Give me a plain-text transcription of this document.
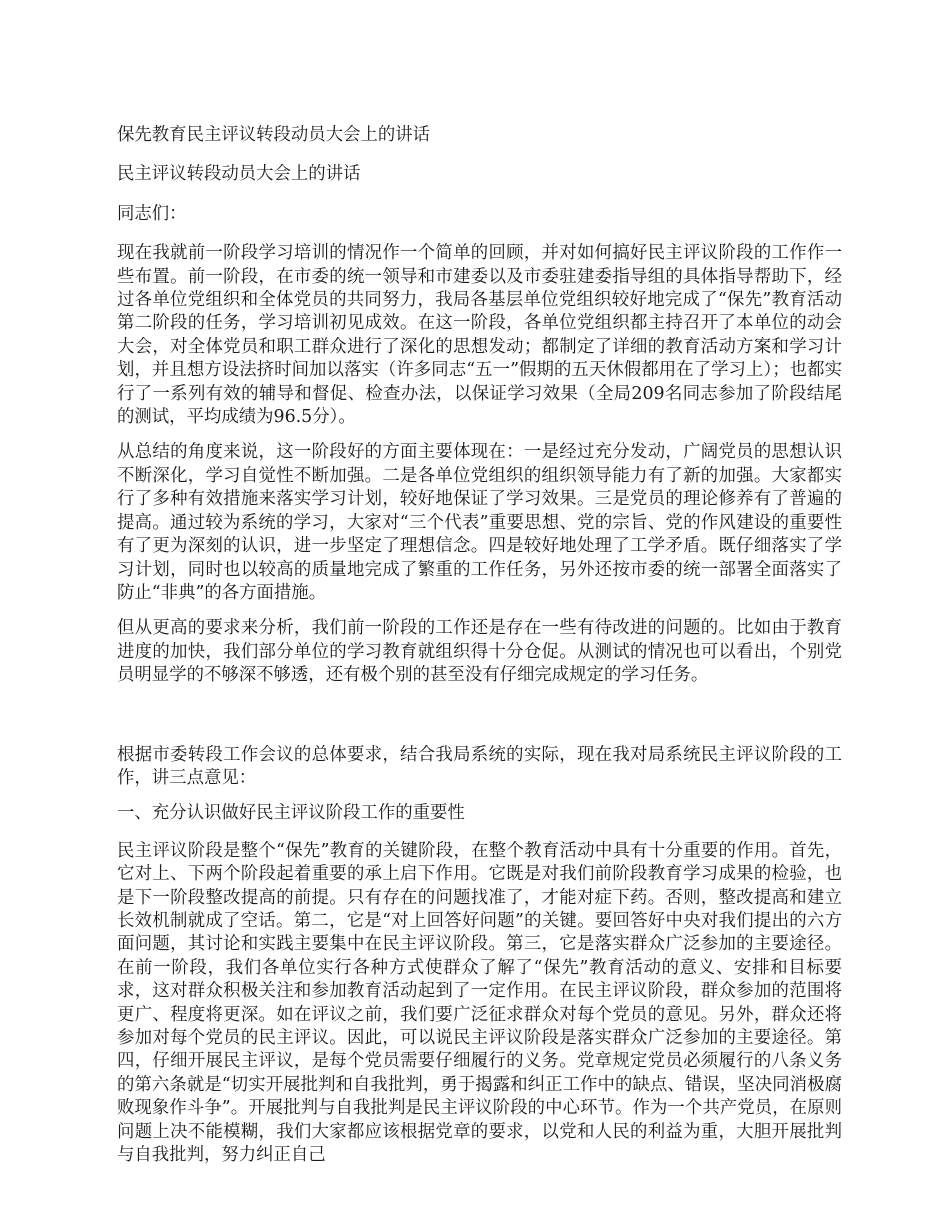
保先教育民主评议转段动员大会上的讲话

民主评议转段动员大会上的讲话

同志们：

现在我就前一阶段学习培训的情况作一个简单的回顾，并对如何搞好民主评议阶段的工作作一些布置。前一阶段，在市委的统一领导和市建委以及市委驻建委指导组的具体指导帮助下，经过各单位党组织和全体党员的共同努力，我局各基层单位党组织较好地完成了“保先”教育活动第二阶段的任务，学习培训初见成效。在这一阶段，各单位党组织都主持召开了本单位的动会大会，对全体党员和职工群众进行了深化的思想发动；都制定了详细的教育活动方案和学习计划，并且想方设法挤时间加以落实（许多同志“五一”假期的五天休假都用在了学习上）；也都实行了一系列有效的辅导和督促、检查办法，以保证学习效果（全局209名同志参加了阶段结尾的测试，平均成绩为96.5分）。

从总结的角度来说，这一阶段好的方面主要体现在：一是经过充分发动，广阔党员的思想认识不断深化，学习自觉性不断加强。二是各单位党组织的组织领导能力有了新的加强。大家都实行了多种有效措施来落实学习计划，较好地保证了学习效果。三是党员的理论修养有了普遍的提高。通过较为系统的学习，大家对“三个代表”重要思想、党的宗旨、党的作风建设的重要性有了更为深刻的认识，进一步坚定了理想信念。四是较好地处理了工学矛盾。既仔细落实了学习计划，同时也以较高的质量地完成了繁重的工作任务，另外还按市委的统一部署全面落实了防止“非典”的各方面措施。

但从更高的要求来分析，我们前一阶段的工作还是存在一些有待改进的问题的。比如由于教育进度的加快，我们部分单位的学习教育就组织得十分仓促。从测试的情况也可以看出，个别党员明显学的不够深不够透，还有极个别的甚至没有仔细完成规定的学习任务。

根据市委转段工作会议的总体要求，结合我局系统的实际，现在我对局系统民主评议阶段的工作，讲三点意见：

一、充分认识做好民主评议阶段工作的重要性

民主评议阶段是整个“保先”教育的关键阶段，在整个教育活动中具有十分重要的作用。首先，它对上、下两个阶段起着重要的承上启下作用。它既是对我们前阶段教育学习成果的检验，也是下一阶段整改提高的前提。只有存在的问题找准了，才能对症下药。否则，整改提高和建立长效机制就成了空话。第二，它是“对上回答好问题”的关键。要回答好中央对我们提出的六方面问题，其讨论和实践主要集中在民主评议阶段。第三，它是落实群众广泛参加的主要途径。在前一阶段，我们各单位实行各种方式使群众了解了“保先”教育活动的意义、安排和目标要求，这对群众积极关注和参加教育活动起到了一定作用。在民主评议阶段，群众参加的范围将更广、程度将更深。如在评议之前，我们要广泛征求群众对每个党员的意见。另外，群众还将参加对每个党员的民主评议。因此，可以说民主评议阶段是落实群众广泛参加的主要途径。第四，仔细开展民主评议，是每个党员需要仔细履行的义务。党章规定党员必须履行的八条义务的第六条就是“切实开展批判和自我批判，勇于揭露和纠正工作中的缺点、错误，坚决同消极腐败现象作斗争”。开展批判与自我批判是民主评议阶段的中心环节。作为一个共产党员，在原则问题上决不能模糊，我们大家都应该根据党章的要求，以党和人民的利益为重，大胆开展批判与自我批判，努力纠正自己
